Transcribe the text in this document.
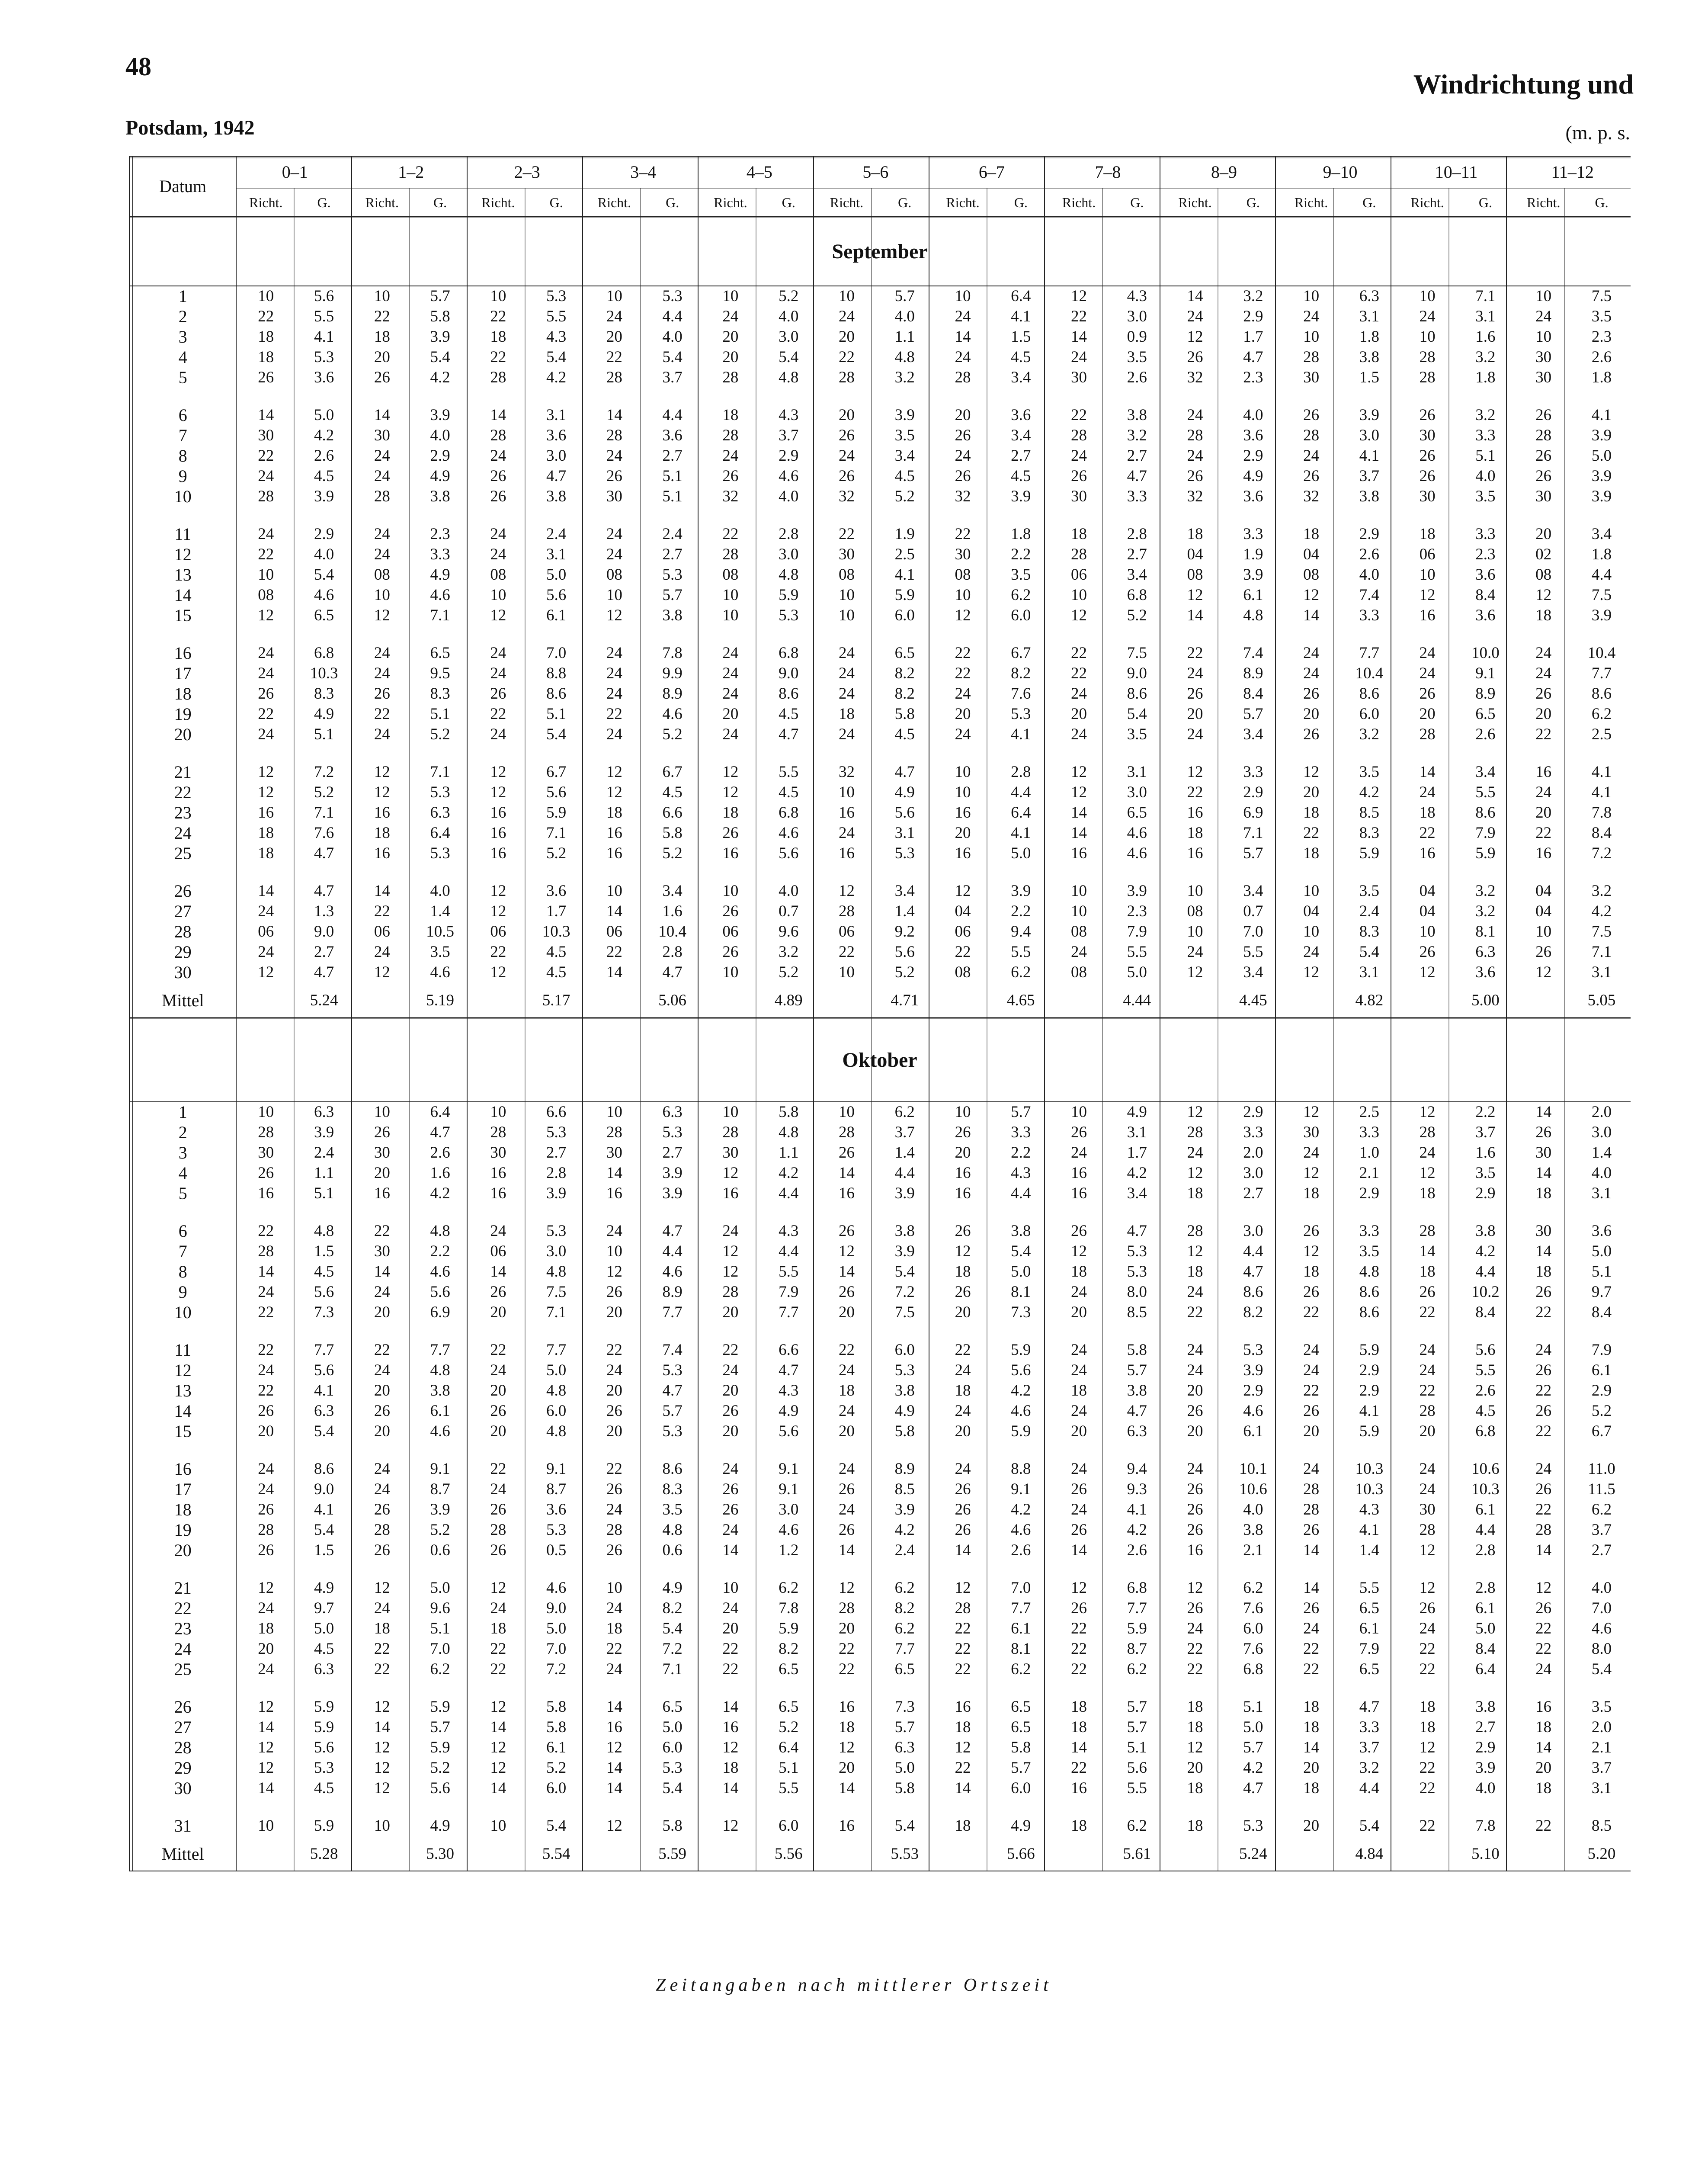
48
Windrichtung und
Potsdam, 1942	(m. p. s.
Datum	0–1		1–2		2–3		3–4		4–5		5–6		6–7		7–8		8–9		9–10		10–11		11–12	
	Richt.	G.	Richt.	G.	Richt.	G.	Richt.	G.	Richt.	G.	Richt.	G.	Richt.	G.	Richt.	G.	Richt.	G.	Richt.	G.	Richt.	G.	Richt.	G.
September																								
1	10	5.6	10	5.7	10	5.3	10	5.3	10	5.2	10	5.7	10	6.4	12	4.3	14	3.2	10	6.3	10	7.1	10	7.5
2	22	5.5	22	5.8	22	5.5	24	4.4	24	4.0	24	4.0	24	4.1	22	3.0	24	2.9	24	3.1	24	3.1	24	3.5
3	18	4.1	18	3.9	18	4.3	20	4.0	20	3.0	20	1.1	14	1.5	14	0.9	12	1.7	10	1.8	10	1.6	10	2.3
4	18	5.3	20	5.4	22	5.4	22	5.4	20	5.4	22	4.8	24	4.5	24	3.5	26	4.7	28	3.8	28	3.2	30	2.6
5	26	3.6	26	4.2	28	4.2	28	3.7	28	4.8	28	3.2	28	3.4	30	2.6	32	2.3	30	1.5	28	1.8	30	1.8

6	14	5.0	14	3.9	14	3.1	14	4.4	18	4.3	20	3.9	20	3.6	22	3.8	24	4.0	26	3.9	26	3.2	26	4.1
7	30	4.2	30	4.0	28	3.6	28	3.6	28	3.7	26	3.5	26	3.4	28	3.2	28	3.6	28	3.0	30	3.3	28	3.9
8	22	2.6	24	2.9	24	3.0	24	2.7	24	2.9	24	3.4	24	2.7	24	2.7	24	2.9	24	4.1	26	5.1	26	5.0
9	24	4.5	24	4.9	26	4.7	26	5.1	26	4.6	26	4.5	26	4.5	26	4.7	26	4.9	26	3.7	26	4.0	26	3.9
10	28	3.9	28	3.8	26	3.8	30	5.1	32	4.0	32	5.2	32	3.9	30	3.3	32	3.6	32	3.8	30	3.5	30	3.9

11	24	2.9	24	2.3	24	2.4	24	2.4	22	2.8	22	1.9	22	1.8	18	2.8	18	3.3	18	2.9	18	3.3	20	3.4
12	22	4.0	24	3.3	24	3.1	24	2.7	28	3.0	30	2.5	30	2.2	28	2.7	04	1.9	04	2.6	06	2.3	02	1.8
13	10	5.4	08	4.9	08	5.0	08	5.3	08	4.8	08	4.1	08	3.5	06	3.4	08	3.9	08	4.0	10	3.6	08	4.4
14	08	4.6	10	4.6	10	5.6	10	5.7	10	5.9	10	5.9	10	6.2	10	6.8	12	6.1	12	7.4	12	8.4	12	7.5
15	12	6.5	12	7.1	12	6.1	12	3.8	10	5.3	10	6.0	12	6.0	12	5.2	14	4.8	14	3.3	16	3.6	18	3.9

16	24	6.8	24	6.5	24	7.0	24	7.8	24	6.8	24	6.5	22	6.7	22	7.5	22	7.4	24	7.7	24	10.0	24	10.4
17	24	10.3	24	9.5	24	8.8	24	9.9	24	9.0	24	8.2	22	8.2	22	9.0	24	8.9	24	10.4	24	9.1	24	7.7
18	26	8.3	26	8.3	26	8.6	24	8.9	24	8.6	24	8.2	24	7.6	24	8.6	26	8.4	26	8.6	26	8.9	26	8.6
19	22	4.9	22	5.1	22	5.1	22	4.6	20	4.5	18	5.8	20	5.3	20	5.4	20	5.7	20	6.0	20	6.5	20	6.2
20	24	5.1	24	5.2	24	5.4	24	5.2	24	4.7	24	4.5	24	4.1	24	3.5	24	3.4	26	3.2	28	2.6	22	2.5

21	12	7.2	12	7.1	12	6.7	12	6.7	12	5.5	32	4.7	10	2.8	12	3.1	12	3.3	12	3.5	14	3.4	16	4.1
22	12	5.2	12	5.3	12	5.6	12	4.5	12	4.5	10	4.9	10	4.4	12	3.0	22	2.9	20	4.2	24	5.5	24	4.1
23	16	7.1	16	6.3	16	5.9	18	6.6	18	6.8	16	5.6	16	6.4	14	6.5	16	6.9	18	8.5	18	8.6	20	7.8
24	18	7.6	18	6.4	16	7.1	16	5.8	26	4.6	24	3.1	20	4.1	14	4.6	18	7.1	22	8.3	22	7.9	22	8.4
25	18	4.7	16	5.3	16	5.2	16	5.2	16	5.6	16	5.3	16	5.0	16	4.6	16	5.7	18	5.9	16	5.9	16	7.2

26	14	4.7	14	4.0	12	3.6	10	3.4	10	4.0	12	3.4	12	3.9	10	3.9	10	3.4	10	3.5	04	3.2	04	3.2
27	24	1.3	22	1.4	12	1.7	14	1.6	26	0.7	28	1.4	04	2.2	10	2.3	08	0.7	04	2.4	04	3.2	04	4.2
28	06	9.0	06	10.5	06	10.3	06	10.4	06	9.6	06	9.2	06	9.4	08	7.9	10	7.0	10	8.3	10	8.1	10	7.5
29	24	2.7	24	3.5	22	4.5	22	2.8	26	3.2	22	5.6	22	5.5	24	5.5	24	5.5	24	5.4	26	6.3	26	7.1
30	12	4.7	12	4.6	12	4.5	14	4.7	10	5.2	10	5.2	08	6.2	08	5.0	12	3.4	12	3.1	12	3.6	12	3.1
Mittel		5.24		5.19		5.17		5.06		4.89		4.71		4.65		4.44		4.45		4.82		5.00		5.05
Oktober																								
1	10	6.3	10	6.4	10	6.6	10	6.3	10	5.8	10	6.2	10	5.7	10	4.9	12	2.9	12	2.5	12	2.2	14	2.0
2	28	3.9	26	4.7	28	5.3	28	5.3	28	4.8	28	3.7	26	3.3	26	3.1	28	3.3	30	3.3	28	3.7	26	3.0
3	30	2.4	30	2.6	30	2.7	30	2.7	30	1.1	26	1.4	20	2.2	24	1.7	24	2.0	24	1.0	24	1.6	30	1.4
4	26	1.1	20	1.6	16	2.8	14	3.9	12	4.2	14	4.4	16	4.3	16	4.2	12	3.0	12	2.1	12	3.5	14	4.0
5	16	5.1	16	4.2	16	3.9	16	3.9	16	4.4	16	3.9	16	4.4	16	3.4	18	2.7	18	2.9	18	2.9	18	3.1

6	22	4.8	22	4.8	24	5.3	24	4.7	24	4.3	26	3.8	26	3.8	26	4.7	28	3.0	26	3.3	28	3.8	30	3.6
7	28	1.5	30	2.2	06	3.0	10	4.4	12	4.4	12	3.9	12	5.4	12	5.3	12	4.4	12	3.5	14	4.2	14	5.0
8	14	4.5	14	4.6	14	4.8	12	4.6	12	5.5	14	5.4	18	5.0	18	5.3	18	4.7	18	4.8	18	4.4	18	5.1
9	24	5.6	24	5.6	26	7.5	26	8.9	28	7.9	26	7.2	26	8.1	24	8.0	24	8.6	26	8.6	26	10.2	26	9.7
10	22	7.3	20	6.9	20	7.1	20	7.7	20	7.7	20	7.5	20	7.3	20	8.5	22	8.2	22	8.6	22	8.4	22	8.4

11	22	7.7	22	7.7	22	7.7	22	7.4	22	6.6	22	6.0	22	5.9	24	5.8	24	5.3	24	5.9	24	5.6	24	7.9
12	24	5.6	24	4.8	24	5.0	24	5.3	24	4.7	24	5.3	24	5.6	24	5.7	24	3.9	24	2.9	24	5.5	26	6.1
13	22	4.1	20	3.8	20	4.8	20	4.7	20	4.3	18	3.8	18	4.2	18	3.8	20	2.9	22	2.9	22	2.6	22	2.9
14	26	6.3	26	6.1	26	6.0	26	5.7	26	4.9	24	4.9	24	4.6	24	4.7	26	4.6	26	4.1	28	4.5	26	5.2
15	20	5.4	20	4.6	20	4.8	20	5.3	20	5.6	20	5.8	20	5.9	20	6.3	20	6.1	20	5.9	20	6.8	22	6.7

16	24	8.6	24	9.1	22	9.1	22	8.6	24	9.1	24	8.9	24	8.8	24	9.4	24	10.1	24	10.3	24	10.6	24	11.0
17	24	9.0	24	8.7	24	8.7	26	8.3	26	9.1	26	8.5	26	9.1	26	9.3	26	10.6	28	10.3	24	10.3	26	11.5
18	26	4.1	26	3.9	26	3.6	24	3.5	26	3.0	24	3.9	26	4.2	24	4.1	26	4.0	28	4.3	30	6.1	22	6.2
19	28	5.4	28	5.2	28	5.3	28	4.8	24	4.6	26	4.2	26	4.6	26	4.2	26	3.8	26	4.1	28	4.4	28	3.7
20	26	1.5	26	0.6	26	0.5	26	0.6	14	1.2	14	2.4	14	2.6	14	2.6	16	2.1	14	1.4	12	2.8	14	2.7

21	12	4.9	12	5.0	12	4.6	10	4.9	10	6.2	12	6.2	12	7.0	12	6.8	12	6.2	14	5.5	12	2.8	12	4.0
22	24	9.7	24	9.6	24	9.0	24	8.2	24	7.8	28	8.2	28	7.7	26	7.7	26	7.6	26	6.5	26	6.1	26	7.0
23	18	5.0	18	5.1	18	5.0	18	5.4	20	5.9	20	6.2	22	6.1	22	5.9	24	6.0	24	6.1	24	5.0	22	4.6
24	20	4.5	22	7.0	22	7.0	22	7.2	22	8.2	22	7.7	22	8.1	22	8.7	22	7.6	22	7.9	22	8.4	22	8.0
25	24	6.3	22	6.2	22	7.2	24	7.1	22	6.5	22	6.5	22	6.2	22	6.2	22	6.8	22	6.5	22	6.4	24	5.4

26	12	5.9	12	5.9	12	5.8	14	6.5	14	6.5	16	7.3	16	6.5	18	5.7	18	5.1	18	4.7	18	3.8	16	3.5
27	14	5.9	14	5.7	14	5.8	16	5.0	16	5.2	18	5.7	18	6.5	18	5.7	18	5.0	18	3.3	18	2.7	18	2.0
28	12	5.6	12	5.9	12	6.1	12	6.0	12	6.4	12	6.3	12	5.8	14	5.1	12	5.7	14	3.7	12	2.9	14	2.1
29	12	5.3	12	5.2	12	5.2	14	5.3	18	5.1	20	5.0	22	5.7	22	5.6	20	4.2	20	3.2	22	3.9	20	3.7
30	14	4.5	12	5.6	14	6.0	14	5.4	14	5.5	14	5.8	14	6.0	16	5.5	18	4.7	18	4.4	22	4.0	18	3.1

31	10	5.9	10	4.9	10	5.4	12	5.8	12	6.0	16	5.4	18	4.9	18	6.2	18	5.3	20	5.4	22	7.8	22	8.5
Mittel		5.28		5.30		5.54		5.59		5.56		5.53		5.66		5.61		5.24		4.84		5.10		5.20
Zeitangaben nach mittlerer Ortszeit
